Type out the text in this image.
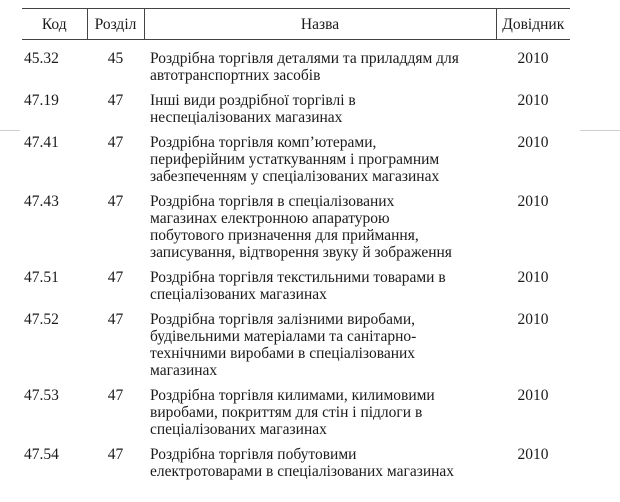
Код	Розділ	Назва	Довідник
45.32	45	Роздрібна торгівля деталями та приладдям для
автотранспортних засобів	2010
47.19	47	Інші види роздрібної торгівлі в
неспеціалізованих магазинах	2010
47.41	47	Роздрібна торгівля комп’ютерами,
периферійним устаткуванням і програмним
забезпеченням у спеціалізованих магазинах	2010
47.43	47	Роздрібна торгівля в спеціалізованих
магазинах електронною апаратурою
побутового призначення для приймання,
записування, відтворення звуку й зображення	2010
47.51	47	Роздрібна торгівля текстильними товарами в
спеціалізованих магазинах	2010
47.52	47	Роздрібна торгівля залізними виробами,
будівельними матеріалами та санітарно-
технічними виробами в спеціалізованих
магазинах	2010
47.53	47	Роздрібна торгівля килимами, килимовими
виробами, покриттям для стін і підлоги в
спеціалізованих магазинах	2010
47.54	47	Роздрібна торгівля побутовими
електротоварами в спеціалізованих магазинах	2010
